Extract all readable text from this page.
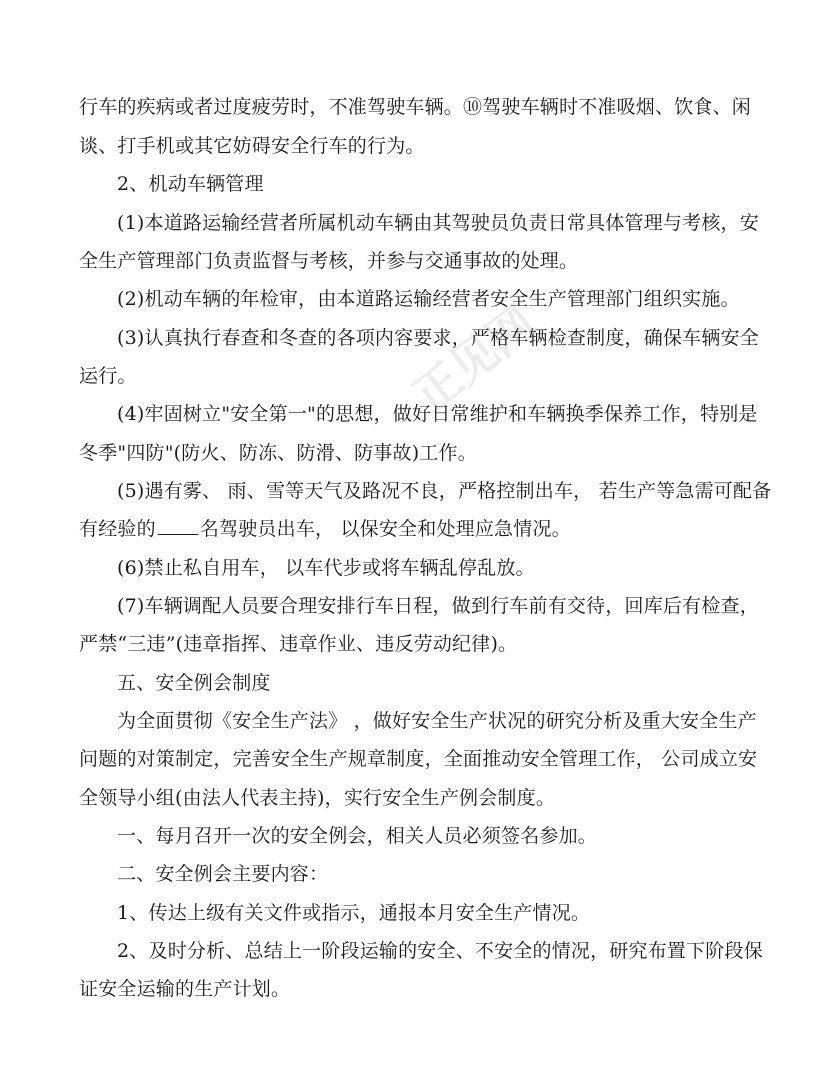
正见网
行车的疾病或者过度疲劳时，不准驾驶车辆。⑩驾驶车辆时不准吸烟、饮食、闲
谈、打手机或其它妨碍安全行车的行为。
2、机动车辆管理
(1)本道路运输经营者所属机动车辆由其驾驶员负责日常具体管理与考核，安
全生产管理部门负责监督与考核，并参与交通事故的处理。
(2)机动车辆的年检审，由本道路运输经营者安全生产管理部门组织实施。
(3)认真执行春查和冬查的各项内容要求，严格车辆检查制度，确保车辆安全
运行。
(4)牢固树立"安全第一"的思想，做好日常维护和车辆换季保养工作，特别是
冬季"四防"(防火、防冻、防滑、防事故)工作。
(5)遇有雾、 雨、雪等天气及路况不良，严格控制出车， 若生产等急需可配备
有经验的 名驾驶员出车， 以保安全和处理应急情况。
(6)禁止私自用车， 以车代步或将车辆乱停乱放。
(7)车辆调配人员要合理安排行车日程，做到行车前有交待，回库后有检查，
严禁“三违”(违章指挥、违章作业、违反劳动纪律)。
五、安全例会制度
为全面贯彻《安全生产法》 ，做好安全生产状况的研究分析及重大安全生产
问题的对策制定，完善安全生产规章制度，全面推动安全管理工作， 公司成立安
全领导小组(由法人代表主持)，实行安全生产例会制度。
一、每月召开一次的安全例会，相关人员必须签名参加。
二、安全例会主要内容：
1、传达上级有关文件或指示，通报本月安全生产情况。
2、及时分析、总结上一阶段运输的安全、不安全的情况，研究布置下阶段保
证安全运输的生产计划。
